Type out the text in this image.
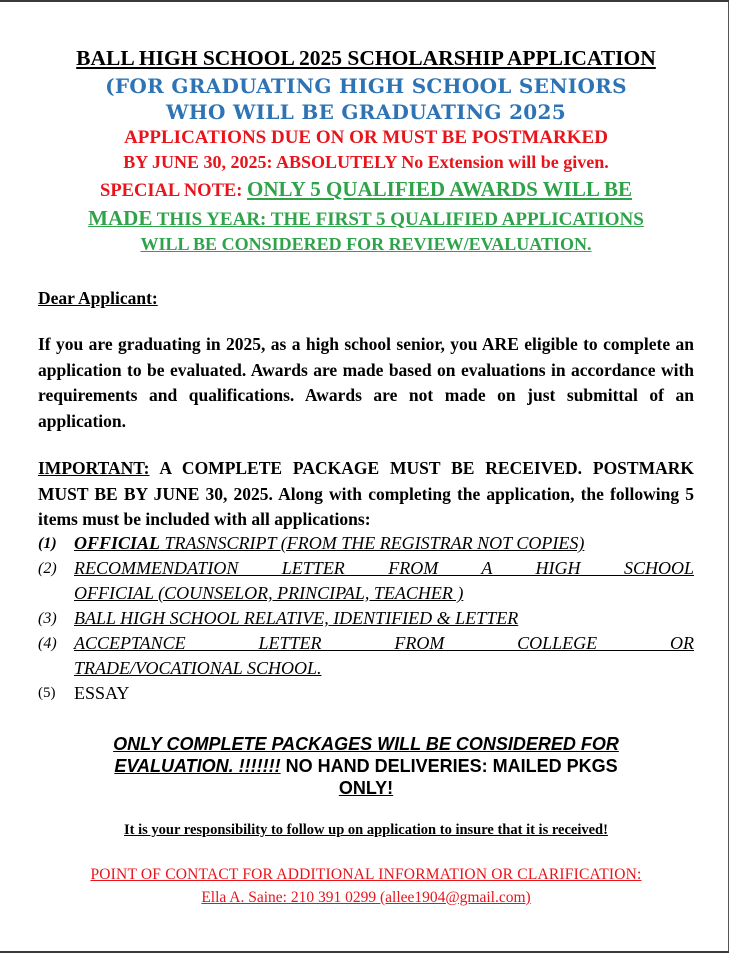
BALL HIGH SCHOOL 2025 SCHOLARSHIP APPLICATION
(FOR GRADUATING HIGH SCHOOL SENIORS
WHO WILL BE GRADUATING 2025
APPLICATIONS DUE ON OR MUST BE POSTMARKED
BY JUNE 30, 2025: ABSOLUTELY No Extension will be given.
SPECIAL NOTE: ONLY 5 QUALIFIED AWARDS WILL BE
MADE THIS YEAR: THE FIRST 5 QUALIFIED APPLICATIONS
WILL BE CONSIDERED FOR REVIEW/EVALUATION.
Dear Applicant:
If you are graduating in 2025, as a high school senior, you ARE eligible to complete an application to be evaluated. Awards are made based on evaluations in accordance with requirements and qualifications. Awards are not made on just submittal of an application.
IMPORTANT: A COMPLETE PACKAGE MUST BE RECEIVED. POSTMARK MUST BE BY JUNE 30, 2025. Along with completing the application, the following 5 items must be included with all applications:
(1) OFFICIAL TRASNSCRIPT (FROM THE REGISTRAR NOT COPIES)
(2) RECOMMENDATION LETTER FROM A HIGH SCHOOL
OFFICIAL (COUNSELOR, PRINCIPAL, TEACHER )
(3) BALL HIGH SCHOOL RELATIVE, IDENTIFIED & LETTER
(4) ACCEPTANCE LETTER FROM COLLEGE OR
TRADE/VOCATIONAL SCHOOL.
(5)	ESSAY
ONLY COMPLETE PACKAGES WILL BE CONSIDERED FOR
EVALUATION. !!!!!!! NO HAND DELIVERIES: MAILED PKGS
ONLY!
It is your responsibility to follow up on application to insure that it is received!
POINT OF CONTACT FOR ADDITIONAL INFORMATION OR CLARIFICATION:
Ella A. Saine: 210 391 0299 (allee1904@gmail.com)
